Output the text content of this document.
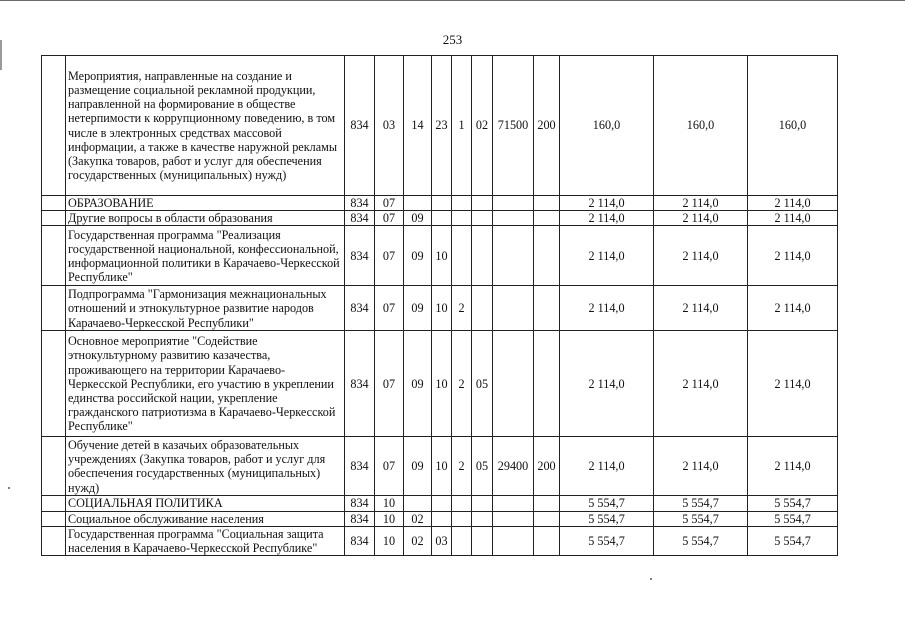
253
	Мероприятия, направленные на создание и размещение социальной рекламной продукции, направленной на формирование в обществе нетерпимости к коррупционному поведению, в том числе в электронных средствах массовой информации, а также в качестве наружной рекламы (Закупка товаров, работ и услуг для обеспечения государственных (муниципальных) нужд)	834	03	14	23	1	02	71500	200	160,0	160,0	160,0
	ОБРАЗОВАНИЕ	834	07							2 114,0	2 114,0	2 114,0
	Другие вопросы в области образования	834	07	09						2 114,0	2 114,0	2 114,0
	Государственная программа "Реализация государственной национальной, конфессиональной, информационной политики в Карачаево-Черкесской Республике"	834	07	09	10					2 114,0	2 114,0	2 114,0
	Подпрограмма "Гармонизация межнациональных отношений и этнокультурное развитие народов Карачаево-Черкесской Республики"	834	07	09	10	2				2 114,0	2 114,0	2 114,0
	Основное мероприятие "Содействие этнокультурному развитию казачества, проживающего на территории Карачаево-Черкесской Республики, его участию в укреплении единства российской нации, укрепление гражданского патриотизма в Карачаево-Черкесской Республике"	834	07	09	10	2	05			2 114,0	2 114,0	2 114,0
	Обучение детей в казачьих образовательных учреждениях (Закупка товаров, работ и услуг для обеспечения государственных (муниципальных) нужд)	834	07	09	10	2	05	29400	200	2 114,0	2 114,0	2 114,0
	СОЦИАЛЬНАЯ ПОЛИТИКА	834	10							5 554,7	5 554,7	5 554,7
	Социальное обслуживание населения	834	10	02						5 554,7	5 554,7	5 554,7
	Государственная программа "Социальная защита населения в Карачаево-Черкесской Республике"	834	10	02	03					5 554,7	5 554,7	5 554,7
